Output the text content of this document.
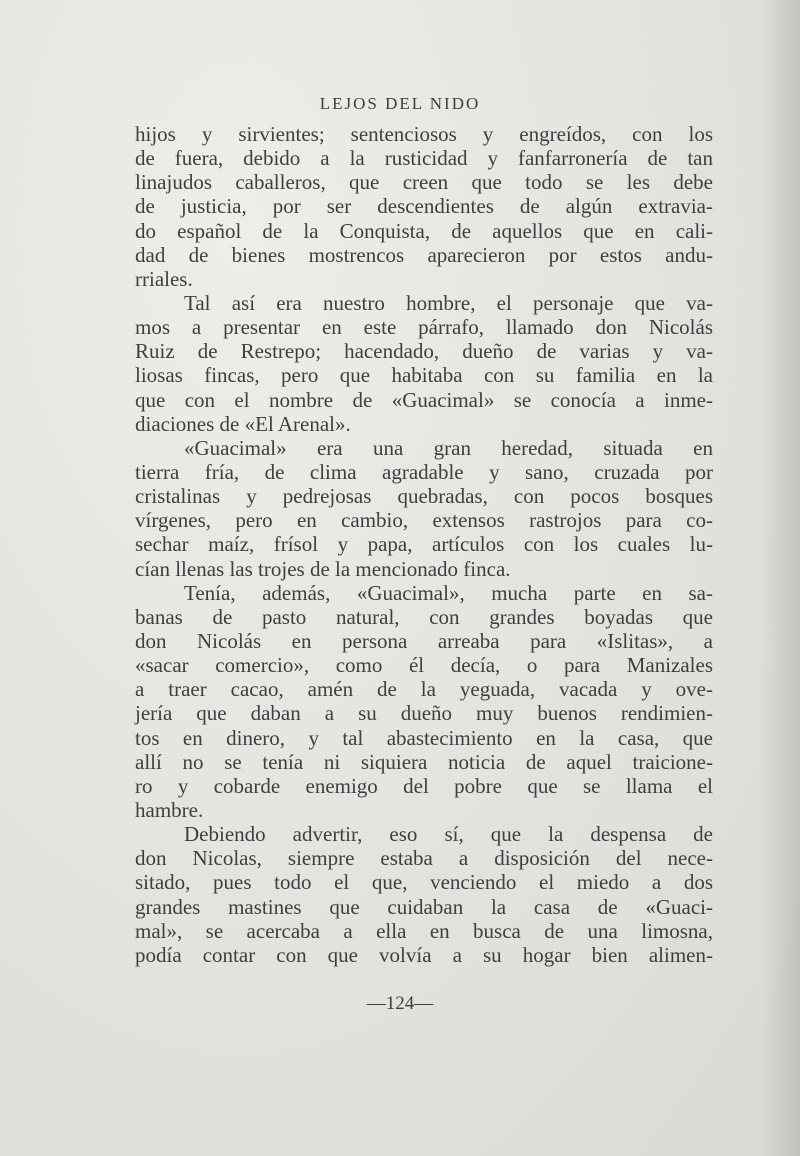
LEJOS DEL NIDO
hijos y sirvientes; sentenciosos y engreídos, con los
de fuera, debido a la rusticidad y fanfarronería de tan
linajudos caballeros, que creen que todo se les debe
de justicia, por ser descendientes de algún extravia-
do español de la Conquista, de aquellos que en cali-
dad de bienes mostrencos aparecieron por estos andu-
rriales.
Tal así era nuestro hombre, el personaje que va-
mos a presentar en este párrafo, llamado don Nicolás
Ruiz de Restrepo; hacendado, dueño de varias y va-
liosas fincas, pero que habitaba con su familia en la
que con el nombre de «Guacimal» se conocía a inme-
diaciones de «El Arenal».
«Guacimal» era una gran heredad, situada en
tierra fría, de clima agradable y sano, cruzada por
cristalinas y pedrejosas quebradas, con pocos bosques
vírgenes, pero en cambio, extensos rastrojos para co-
sechar maíz, frísol y papa, artículos con los cuales lu-
cían llenas las trojes de la mencionado finca.
Tenía, además, «Guacimal», mucha parte en sa-
banas de pasto natural, con grandes boyadas que
don Nicolás en persona arreaba para «Islitas», a
«sacar comercio», como él decía, o para Manizales
a traer cacao, amén de la yeguada, vacada y ove-
jería que daban a su dueño muy buenos rendimien-
tos en dinero, y tal abastecimiento en la casa, que
allí no se tenía ni siquiera noticia de aquel traicione-
ro y cobarde enemigo del pobre que se llama el
hambre.
Debiendo advertir, eso sí, que la despensa de
don Nicolas, siempre estaba a disposición del nece-
sitado, pues todo el que, venciendo el miedo a dos
grandes mastines que cuidaban la casa de «Guaci-
mal», se acercaba a ella en busca de una limosna,
podía contar con que volvía a su hogar bien alimen-
—124—
